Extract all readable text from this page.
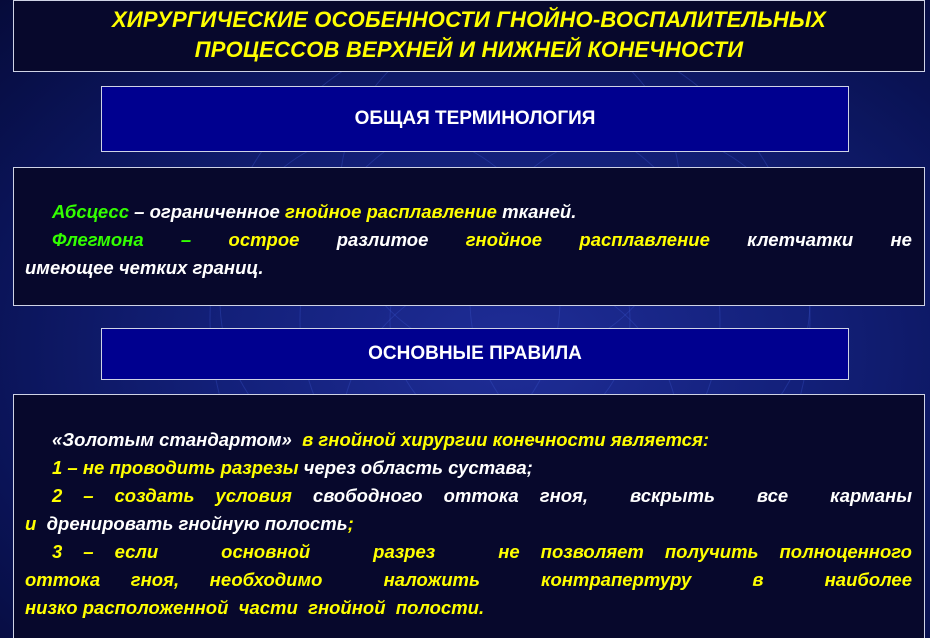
ХИРУРГИЧЕСКИЕ ОСОБЕННОСТИ ГНОЙНО-ВОСПАЛИТЕЛЬНЫХ
ПРОЦЕССОВ ВЕРХНЕЙ И НИЖНЕЙ КОНЕЧНОСТИ
ОБЩАЯ ТЕРМИНОЛОГИЯ

Абсцесс – ограниченное гнойное расплавление тканей.

Флегмона – острое разлитое гнойное расплавление клетчатки не

имеющее четких границ.

ОСНОВНЫЕ ПРАВИЛА

«Золотым стандартом»  в гнойной хирургии конечности является:

1 – не проводить разрезы через область сустава;

2 – создать условия свободного оттока гноя,  вскрыть  все  карманы

и  дренировать гнойную полость;

3 – если   основной   разрез   не позволяет получить полноценного

оттока гноя, необходимо  наложить  контрапертуру  в  наиболее

низко расположенной  части  гнойной  полости.
